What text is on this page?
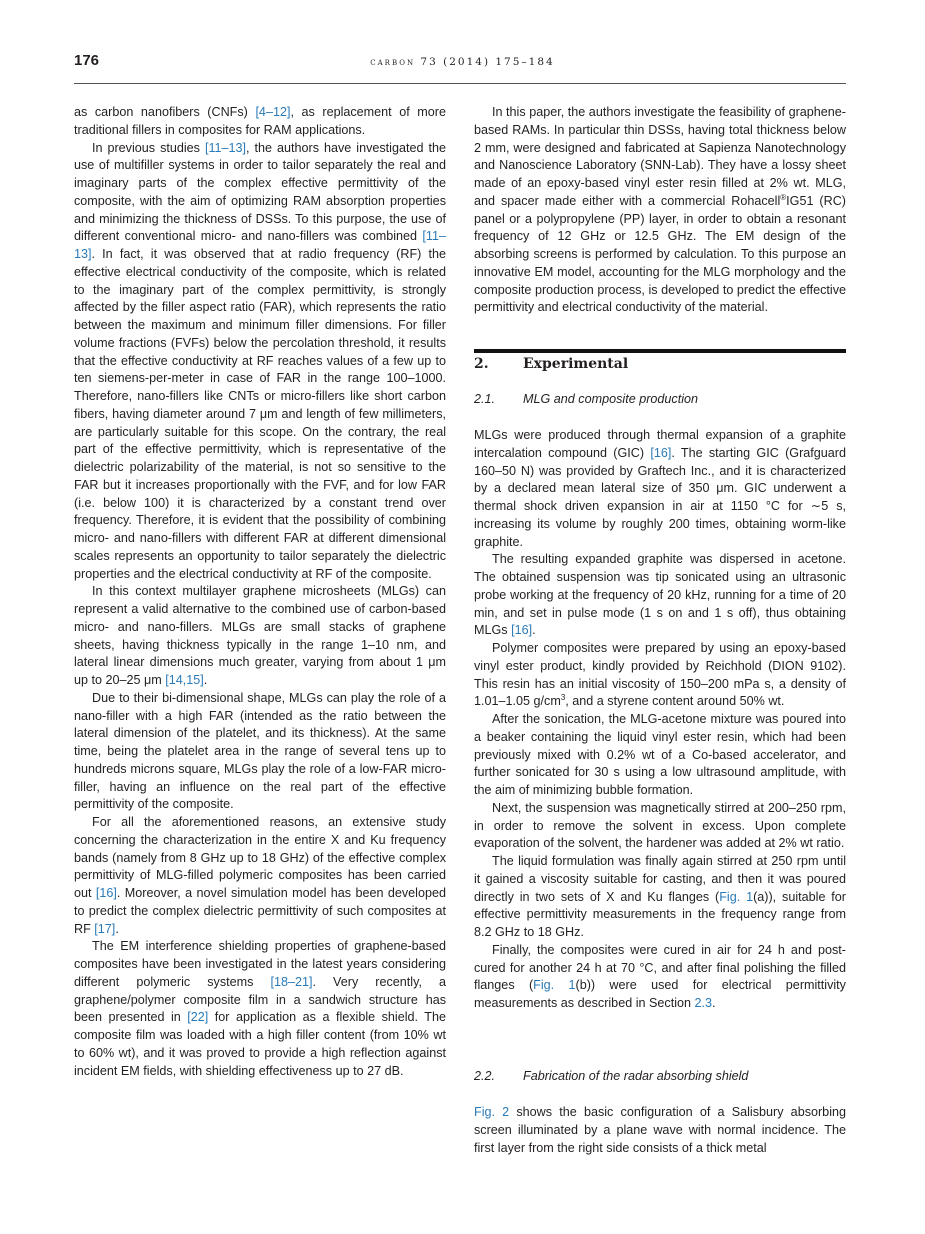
176	carbon 73 (2014) 175–184

as carbon nanofibers (CNFs) [4–12], as replacement of more traditional fillers in composites for RAM applications.

In previous studies [11–13], the authors have investigated the use of multifiller systems in order to tailor separately the real and imaginary parts of the complex effective permittivity of the composite, with the aim of optimizing RAM absorption properties and minimizing the thickness of DSSs. To this purpose, the use of different conventional micro- and nano-fillers was combined [11–13]. In fact, it was observed that at radio frequency (RF) the effective electrical conductivity of the composite, which is related to the imaginary part of the complex permittivity, is strongly affected by the filler aspect ratio (FAR), which represents the ratio between the maximum and minimum filler dimensions. For filler volume fractions (FVFs) below the percolation threshold, it results that the effective conductivity at RF reaches values of a few up to ten siemens-per-meter in case of FAR in the range 100–1000. Therefore, nano-fillers like CNTs or micro-fillers like short carbon fibers, having diameter around 7 μm and length of few millimeters, are particularly suitable for this scope. On the contrary, the real part of the effective permittivity, which is representative of the dielectric polarizability of the material, is not so sensitive to the FAR but it increases proportionally with the FVF, and for low FAR (i.e. below 100) it is characterized by a constant trend over frequency. Therefore, it is evident that the possibility of combining micro- and nano-fillers with different FAR at different dimensional scales represents an opportunity to tailor separately the dielectric properties and the electrical conductivity at RF of the composite.

In this context multilayer graphene microsheets (MLGs) can represent a valid alternative to the combined use of carbon-based micro- and nano-fillers. MLGs are small stacks of graphene sheets, having thickness typically in the range 1–10 nm, and lateral linear dimensions much greater, varying from about 1 μm up to 20–25 μm [14,15].

Due to their bi-dimensional shape, MLGs can play the role of a nano-filler with a high FAR (intended as the ratio between the lateral dimension of the platelet, and its thickness). At the same time, being the platelet area in the range of several tens up to hundreds microns square, MLGs play the role of a low-FAR micro-filler, having an influence on the real part of the effective permittivity of the composite.

For all the aforementioned reasons, an extensive study concerning the characterization in the entire X and Ku frequency bands (namely from 8 GHz up to 18 GHz) of the effective complex permittivity of MLG-filled polymeric composites has been carried out [16]. Moreover, a novel simulation model has been developed to predict the complex dielectric permittivity of such composites at RF [17].

The EM interference shielding properties of graphene-based composites have been investigated in the latest years considering different polymeric systems [18–21]. Very recently, a graphene/polymer composite film in a sandwich structure has been presented in [22] for application as a flexible shield. The composite film was loaded with a high filler content (from 10% wt to 60% wt), and it was proved to provide a high reflection against incident EM fields, with shielding effectiveness up to 27 dB.

In this paper, the authors investigate the feasibility of graphene-based RAMs. In particular thin DSSs, having total thickness below 2 mm, were designed and fabricated at Sapienza Nanotechnology and Nanoscience Laboratory (SNN-Lab). They have a lossy sheet made of an epoxy-based vinyl ester resin filled at 2% wt. MLG, and spacer made either with a commercial Rohacell®IG51 (RC) panel or a polypropylene (PP) layer, in order to obtain a resonant frequency of 12 GHz or 12.5 GHz. The EM design of the absorbing screens is performed by calculation. To this purpose an innovative EM model, accounting for the MLG morphology and the composite production process, is developed to predict the effective permittivity and electrical conductivity of the material.

2. Experimental
2.1. MLG and composite production

MLGs were produced through thermal expansion of a graphite intercalation compound (GIC) [16]. The starting GIC (Grafguard 160–50 N) was provided by Graftech Inc., and it is characterized by a declared mean lateral size of 350 μm. GIC underwent a thermal shock driven expansion in air at 1150 °C for ∼5 s, increasing its volume by roughly 200 times, obtaining worm-like graphite.

The resulting expanded graphite was dispersed in acetone. The obtained suspension was tip sonicated using an ultrasonic probe working at the frequency of 20 kHz, running for a time of 20 min, and set in pulse mode (1 s on and 1 s off), thus obtaining MLGs [16].

Polymer composites were prepared by using an epoxy-based vinyl ester product, kindly provided by Reichhold (DION 9102). This resin has an initial viscosity of 150–200 mPa s, a density of 1.01–1.05 $g/cm^3$, and a styrene content around 50% wt.

After the sonication, the MLG-acetone mixture was poured into a beaker containing the liquid vinyl ester resin, which had been previously mixed with 0.2% wt of a Co-based accelerator, and further sonicated for 30 s using a low ultrasound amplitude, with the aim of minimizing bubble formation.

Next, the suspension was magnetically stirred at 200–250 rpm, in order to remove the solvent in excess. Upon complete evaporation of the solvent, the hardener was added at 2% wt ratio.

The liquid formulation was finally again stirred at 250 rpm until it gained a viscosity suitable for casting, and then it was poured directly in two sets of X and Ku flanges (Fig. 1(a)), suitable for effective permittivity measurements in the frequency range from 8.2 GHz to 18 GHz.

Finally, the composites were cured in air for 24 h and post-cured for another 24 h at 70 °C, and after final polishing the filled flanges (Fig. 1(b)) were used for electrical permittivity measurements as described in Section 2.3.

2.2. Fabrication of the radar absorbing shield

Fig. 2 shows the basic configuration of a Salisbury absorbing screen illuminated by a plane wave with normal incidence. The first layer from the right side consists of a thick metal
